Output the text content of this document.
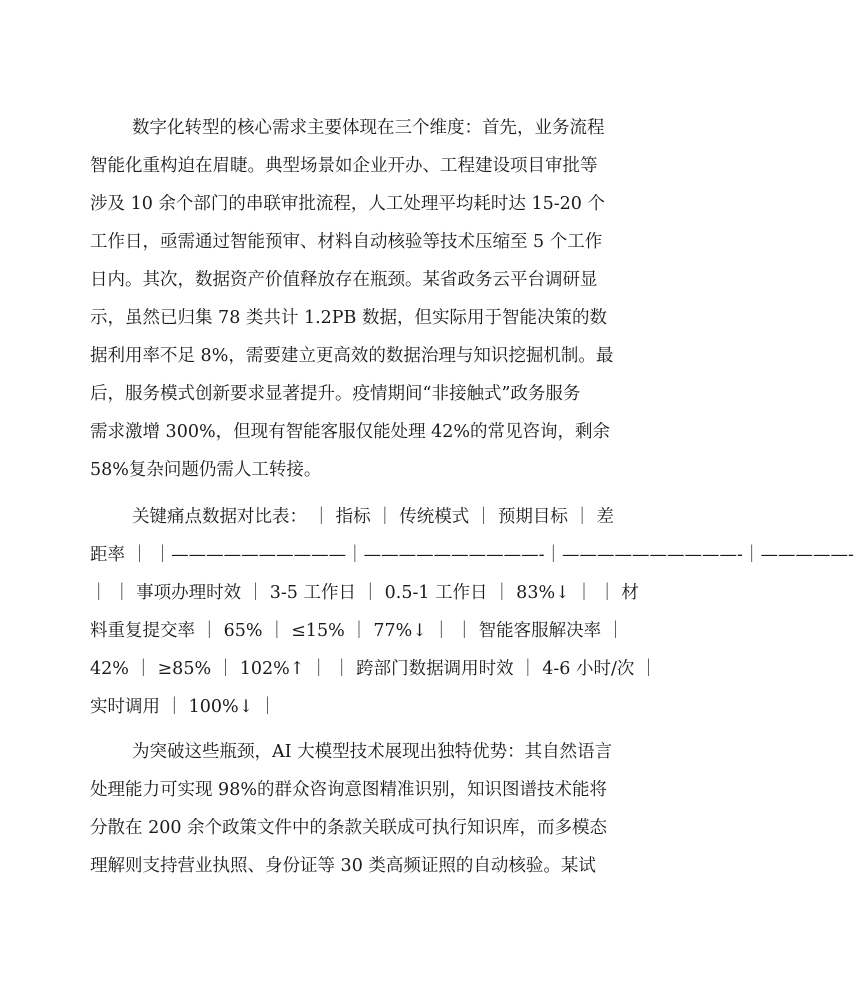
数字化转型的核心需求主要体现在三个维度：首先，业务流程
智能化重构迫在眉睫。典型场景如企业开办、工程建设项目审批等
涉及 10 余个部门的串联审批流程，人工处理平均耗时达 15-20 个
工作日，亟需通过智能预审、材料自动核验等技术压缩至 5 个工作
日内。其次，数据资产价值释放存在瓶颈。某省政务云平台调研显
示，虽然已归集 78 类共计 1.2PB 数据，但实际用于智能决策的数
据利用率不足 8%，需要建立更高效的数据治理与知识挖掘机制。最
后，服务模式创新要求显著提升。疫情期间“非接触式”政务服务
需求激增 300%，但现有智能客服仅能处理 42%的常见咨询，剩余
58%复杂问题仍需人工转接。
关键痛点数据对比表： ｜ 指标 ｜ 传统模式 ｜ 预期目标 ｜ 差
距率 ｜ ｜——————————｜——————————-｜——————————-｜—————-
｜ ｜ 事项办理时效 ｜ 3-5 工作日 ｜ 0.5-1 工作日 ｜ 83%↓ ｜ ｜ 材
料重复提交率 ｜ 65% ｜ ≤15% ｜ 77%↓ ｜ ｜ 智能客服解决率 ｜
42% ｜ ≥85% ｜ 102%↑ ｜ ｜ 跨部门数据调用时效 ｜ 4-6 小时/次 ｜
实时调用 ｜ 100%↓ ｜
为突破这些瓶颈，AI 大模型技术展现出独特优势：其自然语言
处理能力可实现 98%的群众咨询意图精准识别，知识图谱技术能将
分散在 200 余个政策文件中的条款关联成可执行知识库，而多模态
理解则支持营业执照、身份证等 30 类高频证照的自动核验。某试
